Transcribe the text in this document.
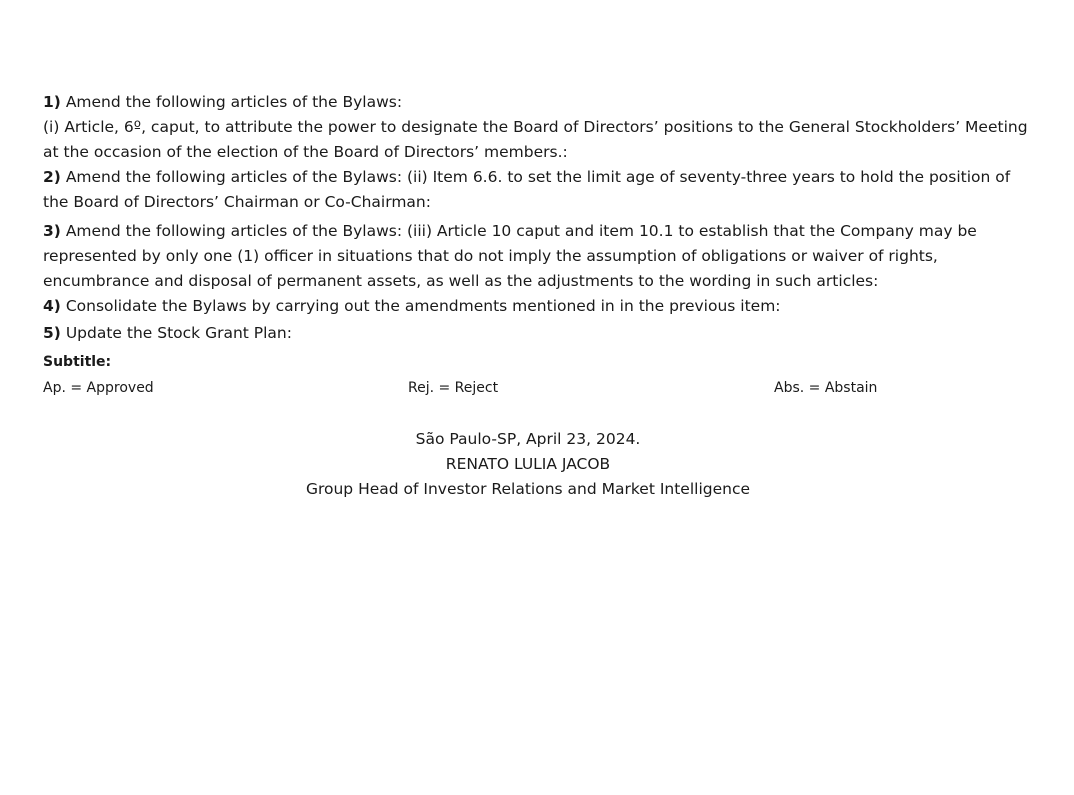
1) Amend the following articles of the Bylaws:

(i) Article, 6º, caput, to attribute the power to designate the Board of Directors’ positions to the General Stockholders’ Meeting at the occasion of the election of the Board of Directors’ members.:

2) Amend the following articles of the Bylaws: (ii) Item 6.6. to set the limit age of seventy-three years to hold the position of the Board of Directors’ Chairman or Co-Chairman:

3) Amend the following articles of the Bylaws: (iii) Article 10 caput and item 10.1 to establish that the Company may be represented by only one (1) officer in situations that do not imply the assumption of obligations or waiver of rights, encumbrance and disposal of permanent assets, as well as the adjustments to the wording in such articles:

4) Consolidate the Bylaws by carrying out the amendments mentioned in in the previous item:

5) Update the Stock Grant Plan:

Subtitle:
Ap. = Approved	Rej. = Reject	Abs. = Abstain
São Paulo-SP, April 23, 2024.
RENATO LULIA JACOB
Group Head of Investor Relations and Market Intelligence
